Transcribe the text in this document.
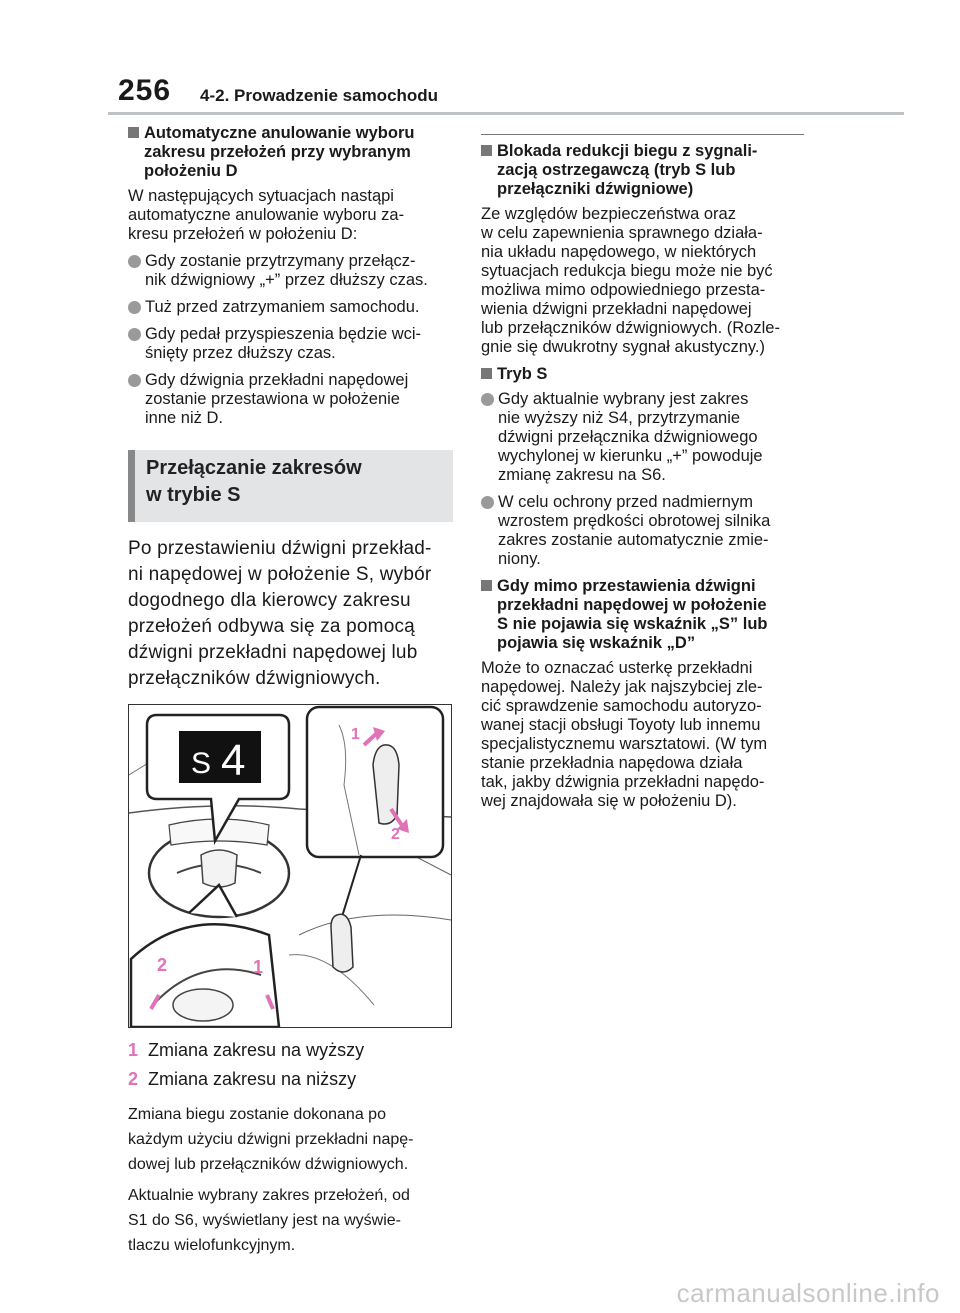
256 4-2. Prowadzenie samochodu
Automatyczne anulowanie wyboru
zakresu przełożeń przy wybranym
położeniu D
W następujących sytuacjach nastąpi
automatyczne anulowanie wyboru za-
kresu przełożeń w położeniu D:
Gdy zostanie przytrzymany przełącz-
nik dźwigniowy „+” przez dłuższy czas.
Tuż przed zatrzymaniem samochodu.
Gdy pedał przyspieszenia będzie wci-
śnięty przez dłuższy czas.
Gdy dźwignia przekładni napędowej
zostanie przestawiona w położenie
inne niż D.
Przełączanie zakresów
w trybie S
Po przestawieniu dźwigni przekład-
ni napędowej w położenie S, wybór
dogodnego dla kierowcy zakresu
przełożeń odbywa się za pomocą
dźwigni przekładni napędowej lub
przełączników dźwigniowych.
S 4
1
2
2	1
1 Zmiana zakresu na wyższy
2 Zmiana zakresu na niższy
Zmiana biegu zostanie dokonana po
każdym użyciu dźwigni przekładni napę-
dowej lub przełączników dźwigniowych.
Aktualnie wybrany zakres przełożeń, od
S1 do S6, wyświetlany jest na wyświe-
tlaczu wielofunkcyjnym.
Blokada redukcji biegu z sygnali-
zacją ostrzegawczą (tryb S lub
przełączniki dźwigniowe)
Ze względów bezpieczeństwa oraz
w celu zapewnienia sprawnego działa-
nia układu napędowego, w niektórych
sytuacjach redukcja biegu może nie być
możliwa mimo odpowiedniego przesta-
wienia dźwigni przekładni napędowej
lub przełączników dźwigniowych. (Rozle-
gnie się dwukrotny sygnał akustyczny.)
Tryb S
Gdy aktualnie wybrany jest zakres
nie wyższy niż S4, przytrzymanie
dźwigni przełącznika dźwigniowego
wychylonej w kierunku „+” powoduje
zmianę zakresu na S6.
W celu ochrony przed nadmiernym
wzrostem prędkości obrotowej silnika
zakres zostanie automatycznie zmie-
niony.
Gdy mimo przestawienia dźwigni
przekładni napędowej w położenie
S nie pojawia się wskaźnik „S” lub
pojawia się wskaźnik „D”
Może to oznaczać usterkę przekładni
napędowej. Należy jak najszybciej zle-
cić sprawdzenie samochodu autoryzo-
wanej stacji obsługi Toyoty lub innemu
specjalistycznemu warsztatowi. (W tym
stanie przekładnia napędowa działa
tak, jakby dźwignia przekładni napędo-
wej znajdowała się w położeniu D).
carmanualsonline.info
